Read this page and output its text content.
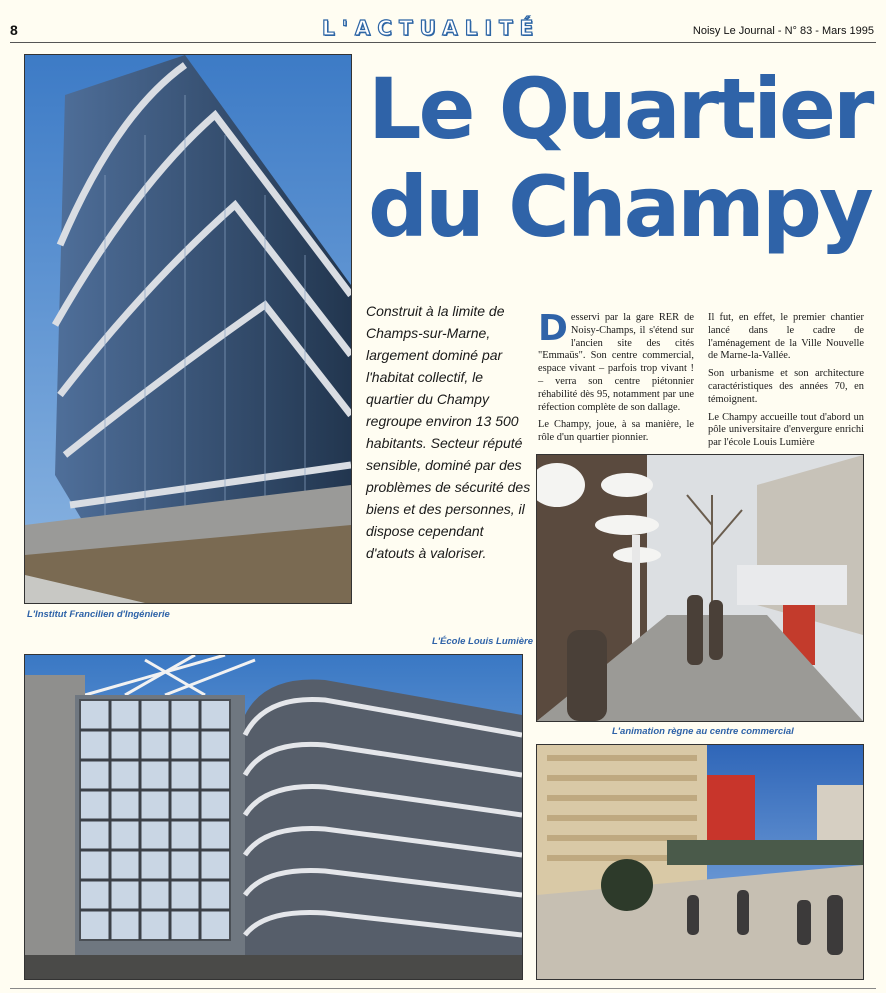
8	L'ACTUALITÉ	Noisy Le Journal - N° 83 - Mars 1995
L'Institut Francilien d'Ingénierie
Le Quartier
du Champy
Construit à la limite de Champs-sur-Marne, largement dominé par l'habitat collectif, le quartier du Champy regroupe environ 13 500 habitants. Secteur réputé sensible, dominé par des problèmes de sécurité des biens et des personnes, il dispose cependant d'atouts à valoriser.

Desservi par la gare RER de Noisy-Champs, il s'étend sur l'ancien site des cités "Emmaüs". Son centre commercial, espace vivant – parfois trop vivant ! – verra son centre piétonnier réhabilité dès 95, notamment par une réfection complète de son dallage.

Le Champy, joue, à sa manière, le rôle d'un quartier pionnier.

Il fut, en effet, le premier chantier lancé dans le cadre de l'aménagement de la Ville Nouvelle de Marne-la-Vallée.

Son urbanisme et son architecture caractéristiques des années 70, en témoignent.

Le Champy accueille tout d'abord un pôle universitaire d'envergure enrichi par l'école Louis Lumière

L'École Louis Lumière
L'animation règne au centre commercial
